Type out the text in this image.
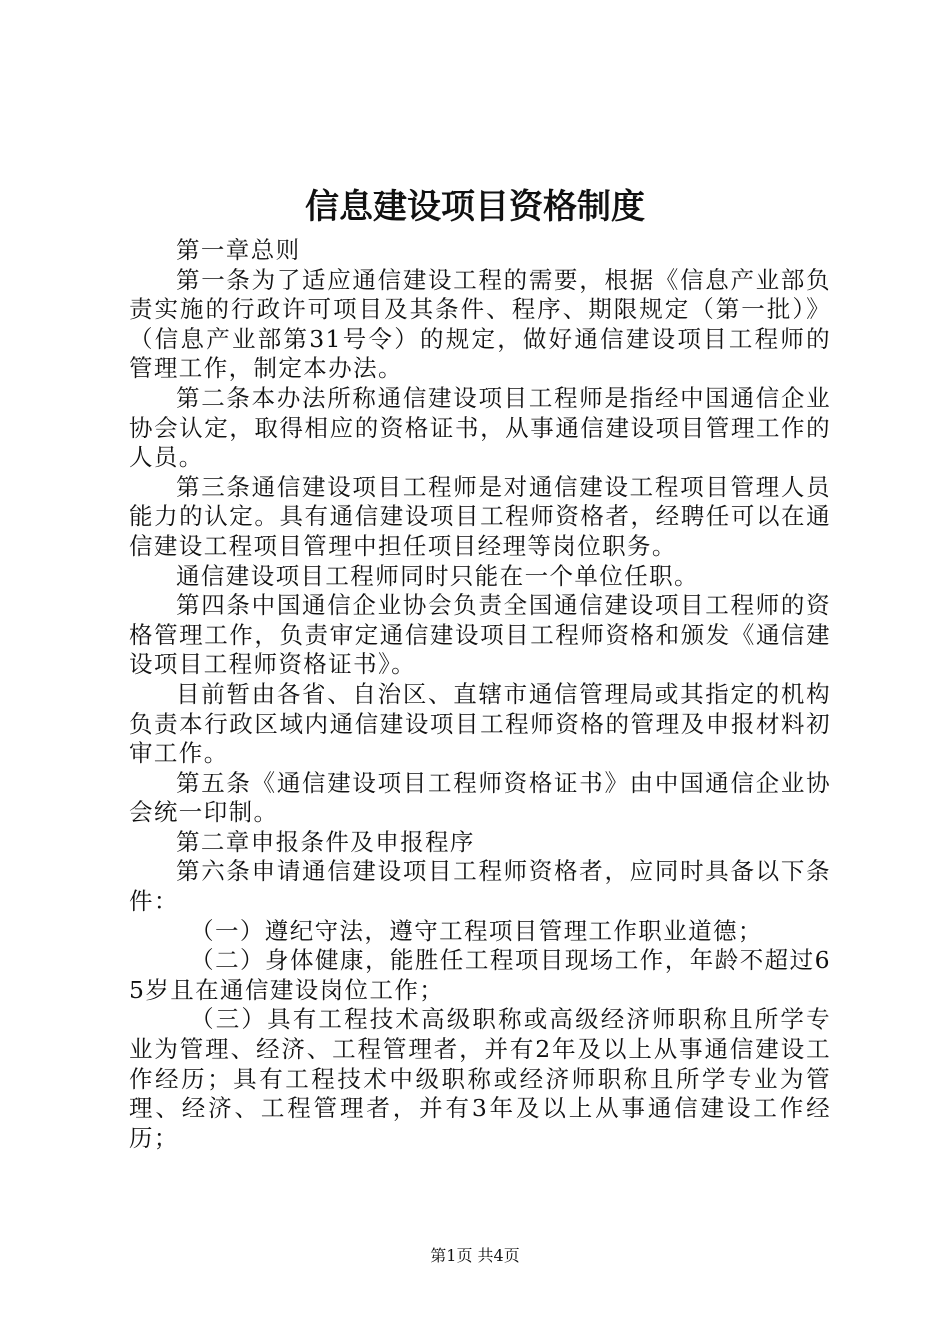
信息建设项目资格制度

第一章总则

第一条为了适应通信建设工程的需要，根据《信息产业部负责实施的行政许可项目及其条件、程序、期限规定（第一批）》（信息产业部第31号令）的规定，做好通信建设项目工程师的管理工作，制定本办法。

第二条本办法所称通信建设项目工程师是指经中国通信企业协会认定，取得相应的资格证书，从事通信建设项目管理工作的人员。

第三条通信建设项目工程师是对通信建设工程项目管理人员能力的认定。具有通信建设项目工程师资格者，经聘任可以在通信建设工程项目管理中担任项目经理等岗位职务。

通信建设项目工程师同时只能在一个单位任职。

第四条中国通信企业协会负责全国通信建设项目工程师的资格管理工作，负责审定通信建设项目工程师资格和颁发《通信建设项目工程师资格证书》。

目前暂由各省、自治区、直辖市通信管理局或其指定的机构负责本行政区域内通信建设项目工程师资格的管理及申报材料初审工作。

第五条《通信建设项目工程师资格证书》由中国通信企业协会统一印制。

第二章申报条件及申报程序

第六条申请通信建设项目工程师资格者，应同时具备以下条件：

（一）遵纪守法，遵守工程项目管理工作职业道德；

（二）身体健康，能胜任工程项目现场工作，年龄不超过65岁且在通信建设岗位工作；

（三）具有工程技术高级职称或高级经济师职称且所学专业为管理、经济、工程管理者，并有2年及以上从事通信建设工作经历；具有工程技术中级职称或经济师职称且所学专业为管理、经济、工程管理者，并有3年及以上从事通信建设工作经历；

第1页 共4页
